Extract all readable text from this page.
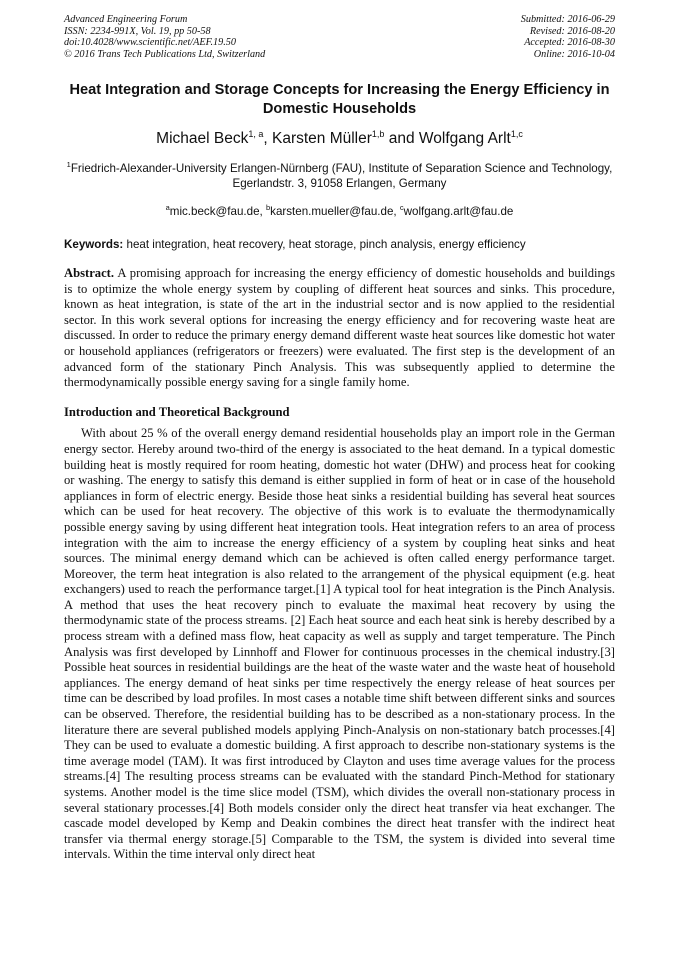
Advanced Engineering Forum
ISSN: 2234-991X, Vol. 19, pp 50-58
doi:10.4028/www.scientific.net/AEF.19.50
© 2016 Trans Tech Publications Ltd, Switzerland
Submitted: 2016-06-29
Revised: 2016-08-20
Accepted: 2016-08-30
Online: 2016-10-04
Heat Integration and Storage Concepts for Increasing the Energy Efficiency in Domestic Households
Michael Beck$^{1, a}$, Karsten Müller$^{1,b}$ and Wolfgang Arlt$^{1,c}$
$^1$Friedrich-Alexander-University Erlangen-Nürnberg (FAU), Institute of Separation Science and Technology, Egerlandstr. 3, 91058 Erlangen, Germany
$^a$mic.beck@fau.de, $^b$karsten.mueller@fau.de, $^c$wolfgang.arlt@fau.de
Keywords: heat integration, heat recovery, heat storage, pinch analysis, energy efficiency
Abstract. A promising approach for increasing the energy efficiency of domestic households and buildings is to optimize the whole energy system by coupling of different heat sources and sinks. This procedure, known as heat integration, is state of the art in the industrial sector and is now applied to the residential sector. In this work several options for increasing the energy efficiency and for recovering waste heat are discussed. In order to reduce the primary energy demand different waste heat sources like domestic hot water or household appliances (refrigerators or freezers) were evaluated. The first step is the development of an advanced form of the stationary Pinch Analysis. This was subsequently applied to determine the thermodynamically possible energy saving for a single family home.
Introduction and Theoretical Background
With about 25 % of the overall energy demand residential households play an import role in the German energy sector. Hereby around two-third of the energy is associated to the heat demand. In a typical domestic building heat is mostly required for room heating, domestic hot water (DHW) and process heat for cooking or washing. The energy to satisfy this demand is either supplied in form of heat or in case of the household appliances in form of electric energy. Beside those heat sinks a residential building has several heat sources which can be used for heat recovery. The objective of this work is to evaluate the thermodynamically possible energy saving by using different heat integration tools. Heat integration refers to an area of process integration with the aim to increase the energy efficiency of a system by coupling heat sinks and heat sources. The minimal energy demand which can be achieved is often called energy performance target. Moreover, the term heat integration is also related to the arrangement of the physical equipment (e.g. heat exchangers) used to reach the performance target.[1] A typical tool for heat integration is the Pinch Analysis. A method that uses the heat recovery pinch to evaluate the maximal heat recovery by using the thermodynamic state of the process streams. [2] Each heat source and each heat sink is hereby described by a process stream with a defined mass flow, heat capacity as well as supply and target temperature. The Pinch Analysis was first developed by Linnhoff and Flower for continuous processes in the chemical industry.[3] Possible heat sources in residential buildings are the heat of the waste water and the waste heat of household appliances. The energy demand of heat sinks per time respectively the energy release of heat sources per time can be described by load profiles. In most cases a notable time shift between different sinks and sources can be observed. Therefore, the residential building has to be described as a non-stationary process. In the literature there are several published models applying Pinch-Analysis on non-stationary batch processes.[4] They can be used to evaluate a domestic building. A first approach to describe non-stationary systems is the time average model (TAM). It was first introduced by Clayton and uses time average values for the process streams.[4] The resulting process streams can be evaluated with the standard Pinch-Method for stationary systems. Another model is the time slice model (TSM), which divides the overall non-stationary process in several stationary processes.[4] Both models consider only the direct heat transfer via heat exchanger. The cascade model developed by Kemp and Deakin combines the direct heat transfer with the indirect heat transfer via thermal energy storage.[5] Comparable to the TSM, the system is divided into several time intervals. Within the time interval only direct heat
